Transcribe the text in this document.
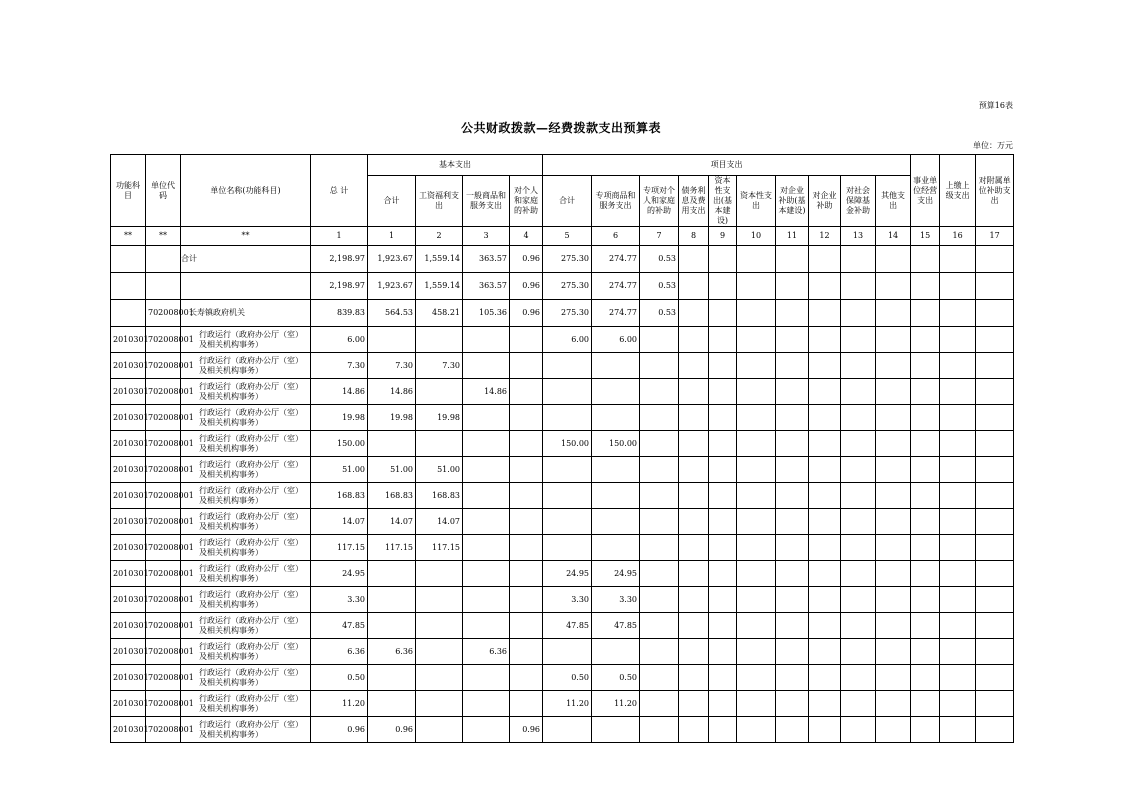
预算16表
公共财政拨款—经费拨款支出预算表
单位：万元
功能科目	单位代码	单位名称(功能科目)	总 计	基本支出				项目支出										事业单位经营支出	上缴上级支出	对附属单位补助支出
				合计	工资福利支出	一般商品和服务支出	对个人和家庭的补助	合计	专项商品和服务支出	专项对个人和家庭的补助	债务利息及费用支出	资本性支出(基本建设)	资本性支出	对企业补助(基本建设)	对企业补助	对社会保障基金补助	其他支出			
**	**	**	1	1	2	3	4	5	6	7	8	9	10	11	12	13	14	15	16	17
		合计	2,198.97	1,923.67	1,559.14	363.57	0.96	275.30	274.77	0.53										
			2,198.97	1,923.67	1,559.14	363.57	0.96	275.30	274.77	0.53										
	702008001	长寿镇政府机关	839.83	564.53	458.21	105.36	0.96	275.30	274.77	0.53										
2010301	702008001	行政运行（政府办公厅（室）及相关机构事务）	6.00					6.00	6.00											
2010301	702008001	行政运行（政府办公厅（室）及相关机构事务）	7.30	7.30	7.30															
2010301	702008001	行政运行（政府办公厅（室）及相关机构事务）	14.86	14.86		14.86														
2010301	702008001	行政运行（政府办公厅（室）及相关机构事务）	19.98	19.98	19.98															
2010301	702008001	行政运行（政府办公厅（室）及相关机构事务）	150.00					150.00	150.00											
2010301	702008001	行政运行（政府办公厅（室）及相关机构事务）	51.00	51.00	51.00															
2010301	702008001	行政运行（政府办公厅（室）及相关机构事务）	168.83	168.83	168.83															
2010301	702008001	行政运行（政府办公厅（室）及相关机构事务）	14.07	14.07	14.07															
2010301	702008001	行政运行（政府办公厅（室）及相关机构事务）	117.15	117.15	117.15															
2010301	702008001	行政运行（政府办公厅（室）及相关机构事务）	24.95					24.95	24.95											
2010301	702008001	行政运行（政府办公厅（室）及相关机构事务）	3.30					3.30	3.30											
2010301	702008001	行政运行（政府办公厅（室）及相关机构事务）	47.85					47.85	47.85											
2010301	702008001	行政运行（政府办公厅（室）及相关机构事务）	6.36	6.36		6.36														
2010301	702008001	行政运行（政府办公厅（室）及相关机构事务）	0.50					0.50	0.50											
2010301	702008001	行政运行（政府办公厅（室）及相关机构事务）	11.20					11.20	11.20											
2010301	702008001	行政运行（政府办公厅（室）及相关机构事务）	0.96	0.96			0.96													
